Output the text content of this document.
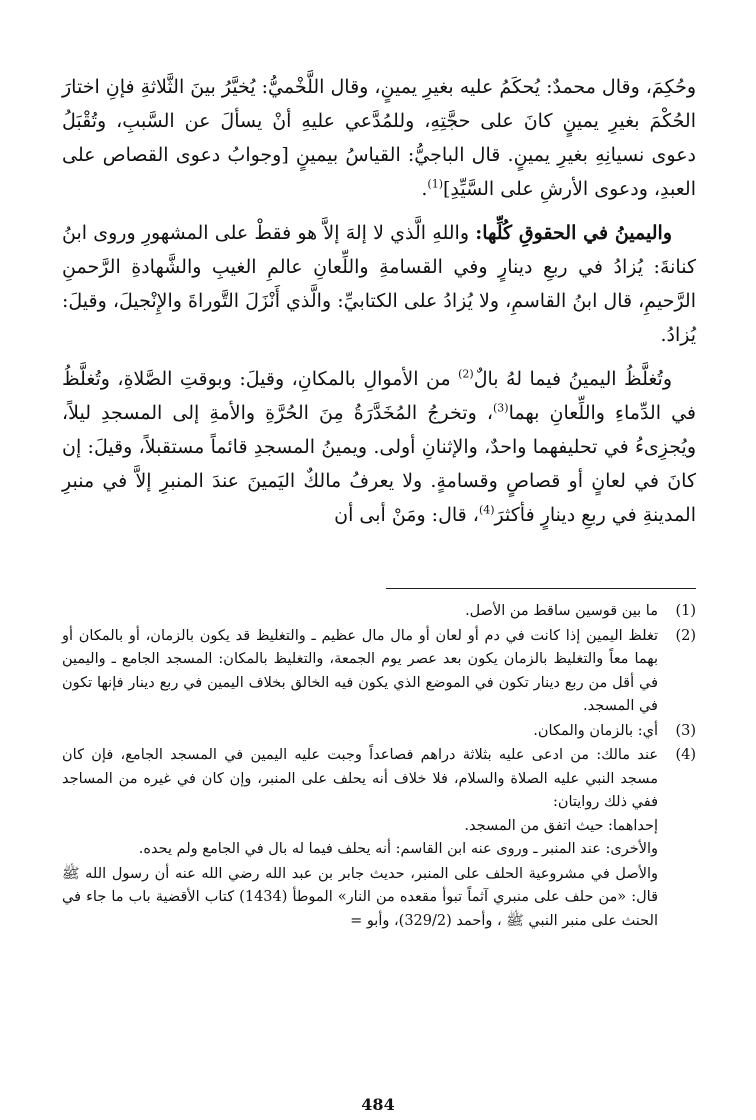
وحُكِمَ، وقال محمدٌ: يُحكَمُ عليه بغيرِ يمينٍ، وقال اللَّخْميُّ: يُخيَّرُ بينَ الثَّلاثةِ فإنِ اختارَ الحُكْمَ بغيرِ يمينٍ كانَ على حجَّتِهِ، وللمُدَّعي عليهِ أنْ يسألَ عن السَّببِ، وتُقْبَلُ دعوى نسيانِهِ بغيرِ يمينٍ. قال الباجيُّ: القياسُ بيمينٍ [وجوابُ دعوى القصاص على العبدِ، ودعوى الأرشِ على السَّيِّدِ]$^{(1)}$.

واليمينُ في الحقوقِ كُلِّها: واللهِ الَّذي لا إلهَ إلاَّ هو فقطْ على المشهورِ وروى ابنُ كنانةَ: يُزادُ في ربعِ دينارٍ وفي القسامةِ واللِّعانِ عالمِ الغيبِ والشَّهادةِ الرَّحمنِ الرَّحيمِ، قال ابنُ القاسمِ، ولا يُزادُ على الكتابيِّ: والَّذي أَنْزَلَ التَّوراةَ والإِنْجيلَ، وقيلَ: يُزادُ.

وتُغلَّظُ اليمينُ فيما لهُ بالٌ$^{(2)}$ من الأموالِ بالمكانِ، وقيلَ: وبوقتِ الصَّلاةِ، وتُغلَّظُ في الدِّماءِ واللِّعانِ بهما$^{(3)}$، وتخرجُ المُخَدَّرَةُ مِنَ الحُرَّةِ والأمةِ إلى المسجدِ ليلاً، ويُجزِىءُ في تحليفهما واحدٌ، والإثنانِ أولى. ويمينُ المسجدِ قائماً مستقبلاً، وقيلَ: إن كانَ في لعانٍ أو قصاصٍ وقسامةٍ. ولا يعرفُ مالكٌ اليَمينَ عندَ المنبرِ إلاَّ في منبرِ المدينةِ في ربعِ دينارٍ فأكثرَ$^{(4)}$، قال: ومَنْ أبى أن

(1)

ما بين قوسين ساقط من الأصل.

(2)

تغلظ اليمين إذا كانت في دم أو لعان أو مال مال عظيم ـ والتغليظ قد يكون بالزمان، أو بالمكان أو بهما معاً والتغليظ بالزمان يكون بعد عصر يوم الجمعة، والتغليظ بالمكان: المسجد الجامع ـ واليمين في أقل من ربع دينار تكون في الموضع الذي يكون فيه الخالق بخلاف اليمين في ربع دينار فإنها تكون في المسجد.

(3)

أي: بالزمان والمكان.

(4)

عند مالك: من ادعى عليه بثلاثة دراهم فصاعداً وجبت عليه اليمين في المسجد الجامع، فإن كان مسجد النبي عليه الصلاة والسلام، فلا خلاف أنه يحلف على المنبر، وإن كان في غيره من المساجد ففي ذلك روايتان:

إحداهما: حيث اتفق من المسجد.

والأخرى: عند المنبر ـ وروى عنه ابن القاسم: أنه يحلف فيما له بال في الجامع ولم يحده.

والأصل في مشروعية الحلف على المنبر، حديث جابر بن عبد الله رضي الله عنه أن رسول الله ﷺ قال: «من حلف على منبري آثماً تبوأ مقعده من النار» الموطأ (1434) كتاب الأقضية باب ما جاء في الحنث على منبر النبي ﷺ ، وأحمد (329/2)، وأبو =

484
